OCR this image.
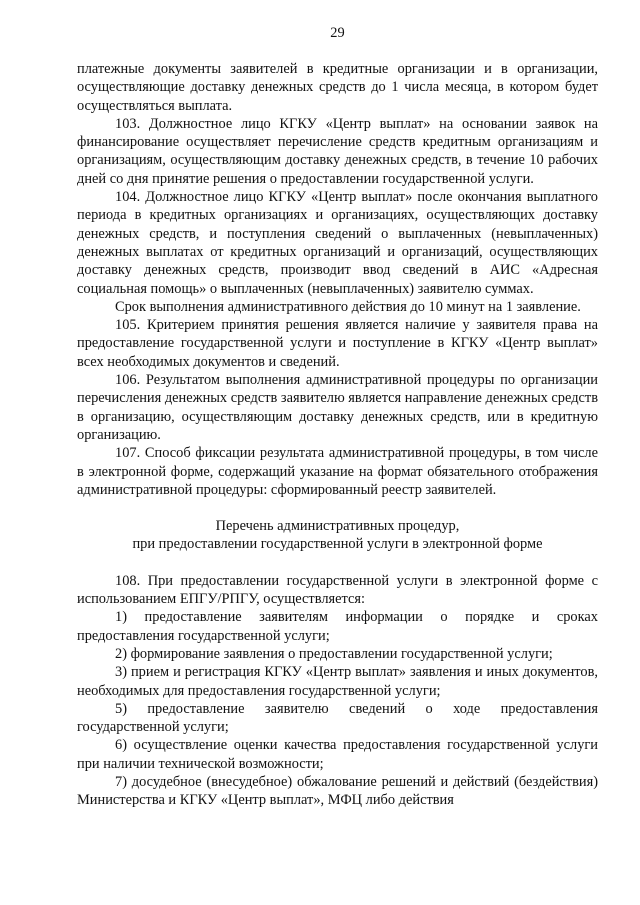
29

платежные документы заявителей в кредитные организации и в организации, осуществляющие доставку денежных средств до 1 числа месяца, в котором будет осуществляться выплата.

103. Должностное лицо КГКУ «Центр выплат» на основании заявок на финансирование осуществляет перечисление средств кредитным организациям и организациям, осуществляющим доставку денежных средств, в течение 10 рабочих дней со дня принятие решения о предоставлении государственной услуги.

104. Должностное лицо КГКУ «Центр выплат» после окончания выплатного периода в кредитных организациях и организациях, осуществляющих доставку денежных средств, и поступления сведений о выплаченных (невыплаченных) денежных выплатах от кредитных организаций и организаций, осуществляющих доставку денежных средств, производит ввод сведений в АИС «Адресная социальная помощь» о выплаченных (невыплаченных) заявителю суммах.

Срок выполнения административного действия до 10 минут на 1 заявление.

105. Критерием принятия решения является наличие у заявителя права на предоставление государственной услуги и поступление в КГКУ «Центр выплат» всех необходимых документов и сведений.

106. Результатом выполнения административной процедуры по организации перечисления денежных средств заявителю является направление денежных средств в организацию, осуществляющим доставку денежных средств, или в кредитную организацию.

107. Способ фиксации результата административной процедуры, в том числе в электронной форме, содержащий указание на формат обязательного отображения административной процедуры: сформированный реестр заявителей.

Перечень административных процедур,
при предоставлении государственной услуги в электронной форме

108. При предоставлении государственной услуги в электронной форме с использованием ЕПГУ/РПГУ, осуществляется:

1) предоставление заявителям информации о порядке и сроках предоставления государственной услуги;

2) формирование заявления о предоставлении государственной услуги;

3) прием и регистрация КГКУ «Центр выплат» заявления и иных документов, необходимых для предоставления государственной услуги;

5) предоставление заявителю сведений о ходе предоставления государственной услуги;

6) осуществление оценки качества предоставления государственной услуги при наличии технической возможности;

7) досудебное (внесудебное) обжалование решений и действий (бездействия) Министерства и КГКУ «Центр выплат», МФЦ либо действия
